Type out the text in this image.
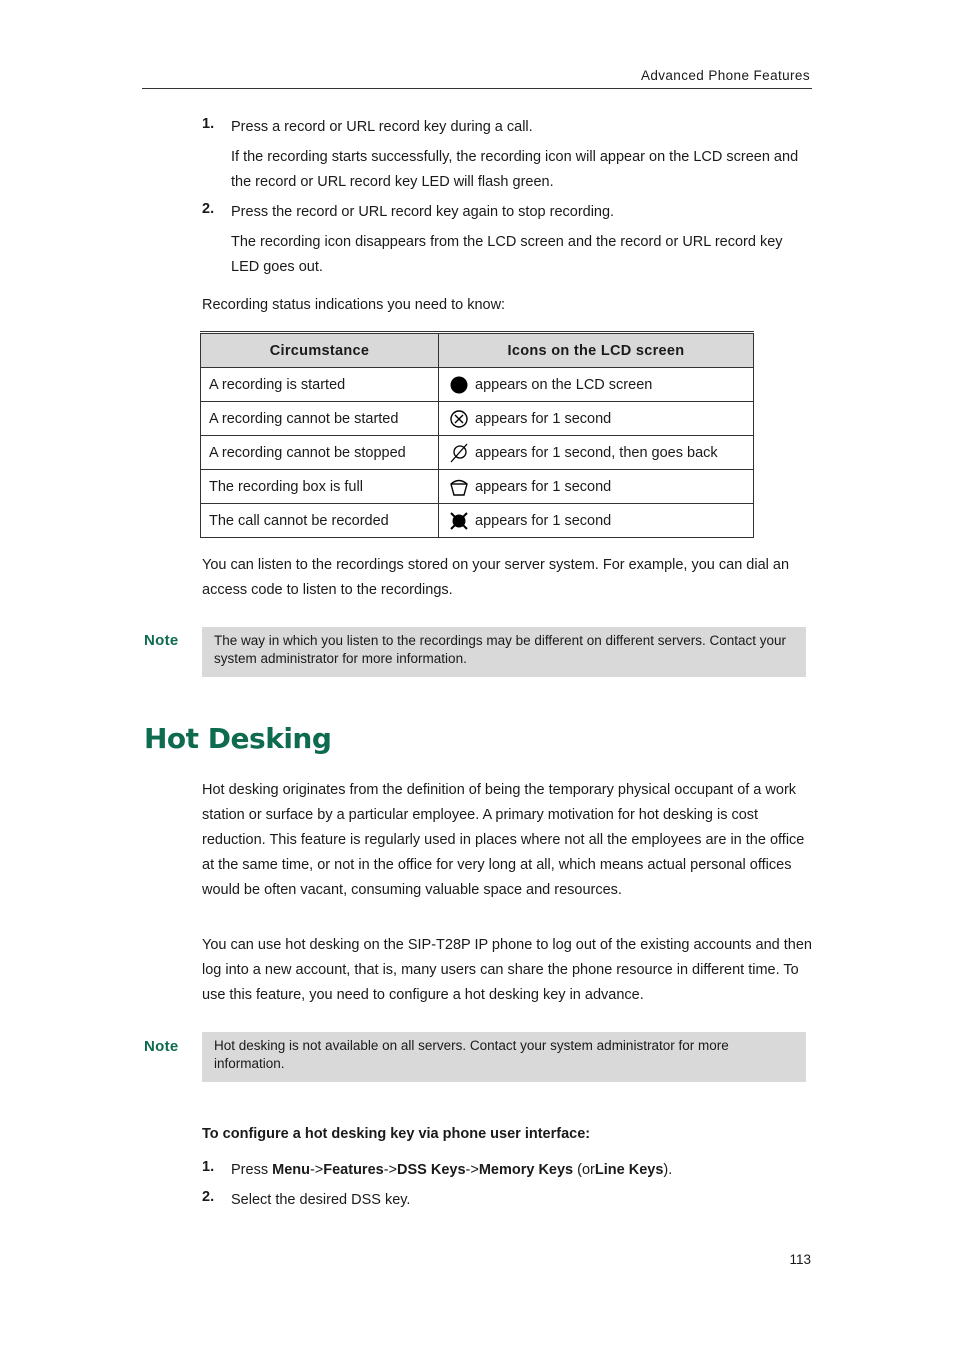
Advanced Phone Features
1. Press a record or URL record key during a call.
If the recording starts successfully, the recording icon will appear on the LCD screen and the record or URL record key LED will flash green.
2. Press the record or URL record key again to stop recording.
The recording icon disappears from the LCD screen and the record or URL record key LED goes out.
Recording status indications you need to know:
Circumstance	Icons on the LCD screen
A recording is started	appears on the LCD screen
A recording cannot be started	appears for 1 second
A recording cannot be stopped	appears for 1 second, then goes back
The recording box is full	appears for 1 second
The call cannot be recorded	appears for 1 second
You can listen to the recordings stored on your server system. For example, you can dial an access code to listen to the recordings.
Note	The way in which you listen to the recordings may be different on different servers. Contact your system administrator for more information.
Hot Desking
Hot desking originates from the definition of being the temporary physical occupant of a work station or surface by a particular employee. A primary motivation for hot desking is cost reduction. This feature is regularly used in places where not all the employees are in the office at the same time, or not in the office for very long at all, which means actual personal offices would be often vacant, consuming valuable space and resources.
You can use hot desking on the SIP-T28P IP phone to log out of the existing accounts and then log into a new account, that is, many users can share the phone resource in different time. To use this feature, you need to configure a hot desking key in advance.
Note	Hot desking is not available on all servers. Contact your system administrator for more information.
To configure a hot desking key via phone user interface:
1. Press Menu->Features->DSS Keys->Memory Keys (orLine Keys).
2. Select the desired DSS key.
113
